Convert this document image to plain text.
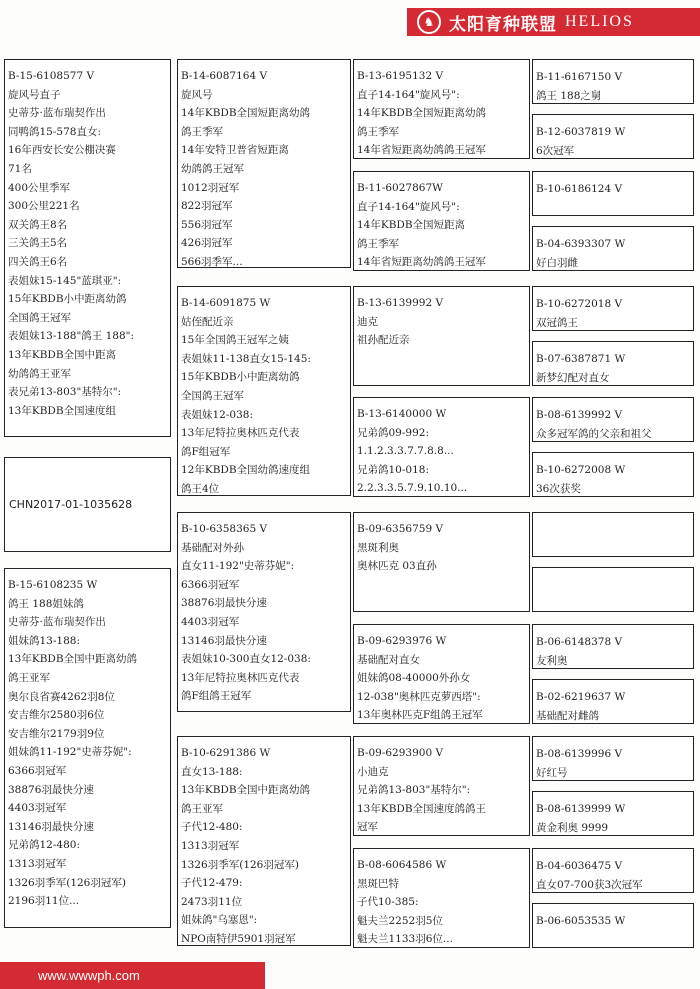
♞ 太阳育种联盟 HELIOS
B-15-6108577 V
旋风号直子
史蒂芬·蓝布瑞契作出
同鸭鸽15-578直女:
16年西安长安公棚决赛
71名
400公里季军
300公里221名
双关鸽王8名
三关鸽王5名
四关鸽王6名
表姐妹15-145"蓝琪亚":
15年KBDB小中距离幼鸽
全国鸽王冠军
表姐妹13-188"鸽王 188":
13年KBDB全国中距离
幼鸽鸽王亚军
表兄弟13-803"基特尔":
13年KBDB全国速度组
CHN2017-01-1035628
B-15-6108235 W
鸽王 188姐妹鸽
史蒂芬·蓝布瑞契作出
姐妹鸽13-188:
13年KBDB全国中距离幼鸽
鸽王亚军
奥尔良省赛4262羽8位
安吉维尔2580羽6位
安吉维尔2179羽9位
姐妹鸽11-192"史蒂芬妮":
6366羽冠军
38876羽最快分速
4403羽冠军
13146羽最快分速
兄弟鸽12-480:
1313羽冠军
1326羽季军(126羽冠军)
2196羽11位...
B-14-6087164 V
旋风号
14年KBDB全国短距离幼鸽
鸽王季军
14年安特卫普省短距离
幼鸽鸽王冠军
1012羽冠军
822羽冠军
556羽冠军
426羽冠军
566羽季军...
B-14-6091875 W
姑侄配近亲
15年全国鸽王冠军之姨
表姐妹11-138直女15-145:
15年KBDB小中距离幼鸽
全国鸽王冠军
表姐妹12-038:
13年尼特拉奥林匹克代表
鸽F组冠军
12年KBDB全国幼鸽速度组
鸽王4位
B-10-6358365 V
基础配对外孙
直女11-192"史蒂芬妮":
6366羽冠军
38876羽最快分速
4403羽冠军
13146羽最快分速
表姐妹10-300直女12-038:
13年尼特拉奥林匹克代表
鸽F组鸽王冠军
B-10-6291386 W
直女13-188:
13年KBDB全国中距离幼鸽
鸽王亚军
子代12-480:
1313羽冠军
1326羽季军(126羽冠军)
子代12-479:
2473羽11位
姐妹鸽"乌塞恩":
NPO南特伊5901羽冠军
B-13-6195132 V
直子14-164"旋风号":
14年KBDB全国短距离幼鸽
鸽王季军
14年省短距离幼鸽鸽王冠军
B-11-6027867W
直子14-164"旋风号":
14年KBDB全国短距离
鸽王季军
14年省短距离幼鸽鸽王冠军
B-13-6139992 V
迪克
祖孙配近亲
B-13-6140000 W
兄弟鸽09-992:
1.1.2.3.3.7.7.8.8...
兄弟鸽10-018:
2.2.3.3.5.7.9.10.10...
B-09-6356759 V
黑斑利奥
奥林匹克 03直孙
B-09-6293976 W
基础配对直女
姐妹鸽08-40000外孙女
12-038"奥林匹克萝西塔":
13年奥林匹克F组鸽王冠军
B-09-6293900 V
小迪克
兄弟鸽13-803"基特尔":
13年KBDB全国速度鸽鸽王
冠军
B-08-6064586 W
黑斑巴特
子代10-385:
魁夫兰2252羽5位
魁夫兰1133羽6位...
B-11-6167150 V
鸽王 188之舅
B-12-6037819 W
6次冠军
B-10-6186124 V
B-04-6393307 W
好白羽雌
B-10-6272018 V
双冠鸽王
B-07-6387871 W
新梦幻配对直女
B-08-6139992 V
众多冠军鸽的父亲和祖父
B-10-6272008 W
36次获奖
B-06-6148378 V
友利奥
B-02-6219637 W
基础配对雌鸽
B-08-6139996 V
好红号
B-08-6139999 W
黄金利奥 9999
B-04-6036475 V
直女07-700获3次冠军
B-06-6053535 W
www.wwwph.com
